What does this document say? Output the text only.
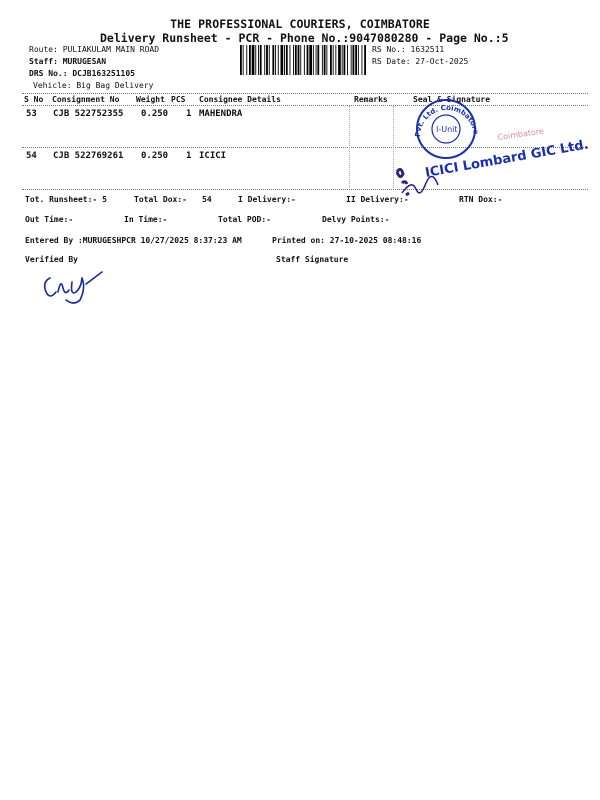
THE PROFESSIONAL COURIERS, COIMBATORE
Delivery Runsheet - PCR - Phone No.:9047080280 - Page No.:5
Route: PULIAKULAM MAIN ROAD
Staff: MURUGESAN
DRS No.: DCJB163251105
Vehicle: Big Bag Delivery
RS No.: 1632511
RS Date: 27-Oct-2025
S No Consignment No Weight PCS Consignee Details	Remarks	Seal & Signature
53 CJB 522752355 0.250 1 MAHENDRA
54 CJB 522769261 0.250 1 ICICI
Pvt. Ltd. Coimbatore
I-Unit	Coimbatore
ICICI Lombard GIC Ltd.
Tot. Runsheet:- 5	Total Dox:- 54	I Delivery:-	II Delivery:-	RTN Dox:-
Out Time:-	In Time:-	Total POD:-	Delvy Points:-
Entered By :MURUGESHPCR 10/27/2025 8:37:23 AM	Printed on: 27-10-2025 08:48:16
Verified By	Staff Signature
